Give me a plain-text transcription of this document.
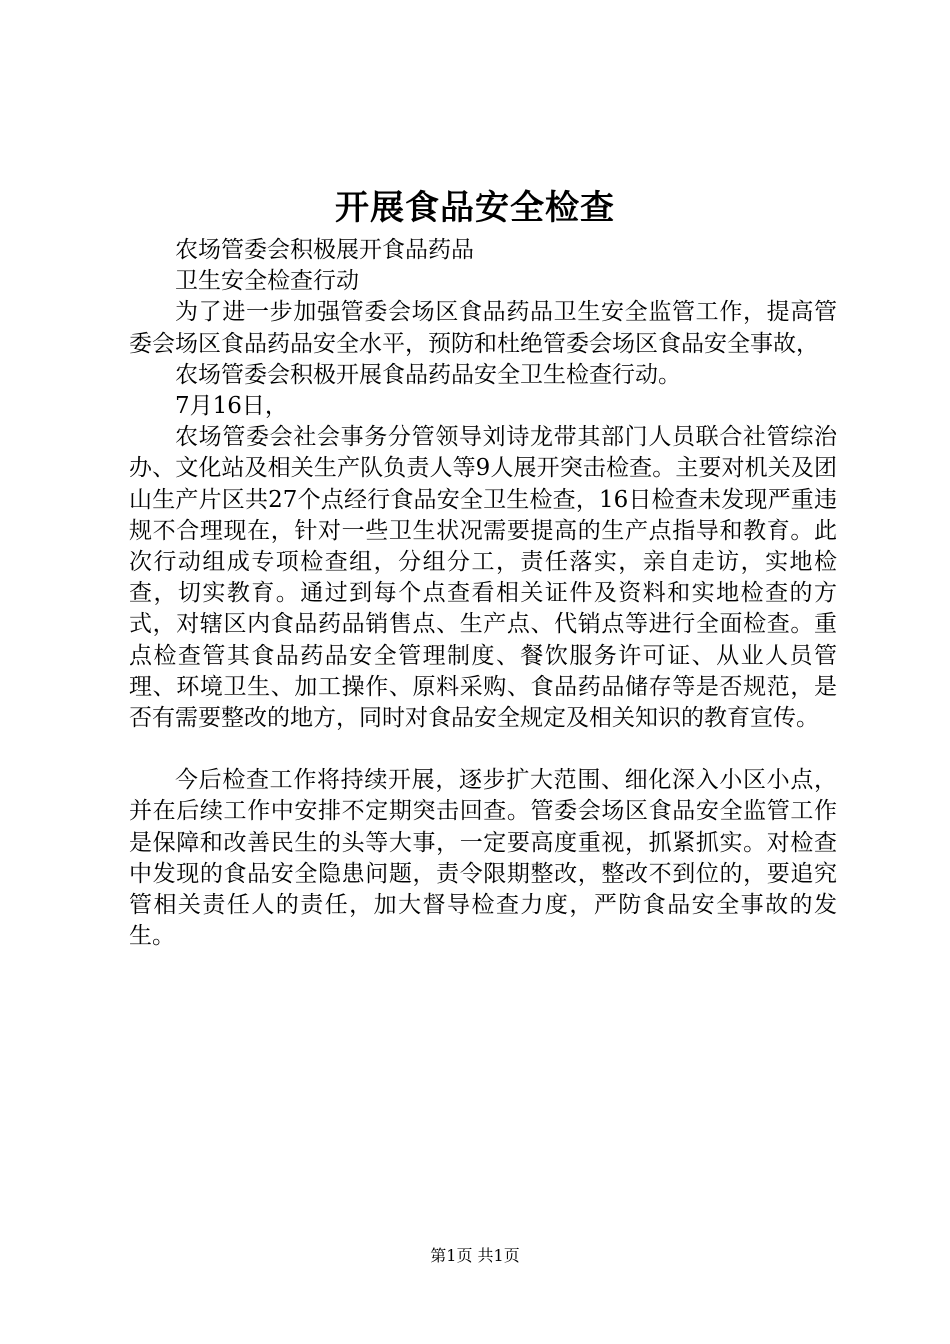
开展食品安全检查

农场管委会积极展开食品药品

卫生安全检查行动

为了进一步加强管委会场区食品药品卫生安全监管工作，提高管委会场区食品药品安全水平，预防和杜绝管委会场区食品安全事故，

农场管委会积极开展食品药品安全卫生检查行动。

7月16日，

农场管委会社会事务分管领导刘诗龙带其部门人员联合社管综治办、文化站及相关生产队负责人等9人展开突击检查。主要对机关及团山生产片区共27个点经行食品安全卫生检查，16日检查未发现严重违规不合理现在，针对一些卫生状况需要提高的生产点指导和教育。此次行动组成专项检查组，分组分工，责任落实，亲自走访，实地检查，切实教育。通过到每个点查看相关证件及资料和实地检查的方式，对辖区内食品药品销售点、生产点、代销点等进行全面检查。重点检查管其食品药品安全管理制度、餐饮服务许可证、从业人员管理、环境卫生、加工操作、原料采购、食品药品储存等是否规范，是否有需要整改的地方，同时对食品安全规定及相关知识的教育宣传。

今后检查工作将持续开展，逐步扩大范围、细化深入小区小点，并在后续工作中安排不定期突击回查。管委会场区食品安全监管工作是保障和改善民生的头等大事，一定要高度重视，抓紧抓实。对检查中发现的食品安全隐患问题，责令限期整改，整改不到位的，要追究管相关责任人的责任，加大督导检查力度，严防食品安全事故的发生。

第1页 共1页
